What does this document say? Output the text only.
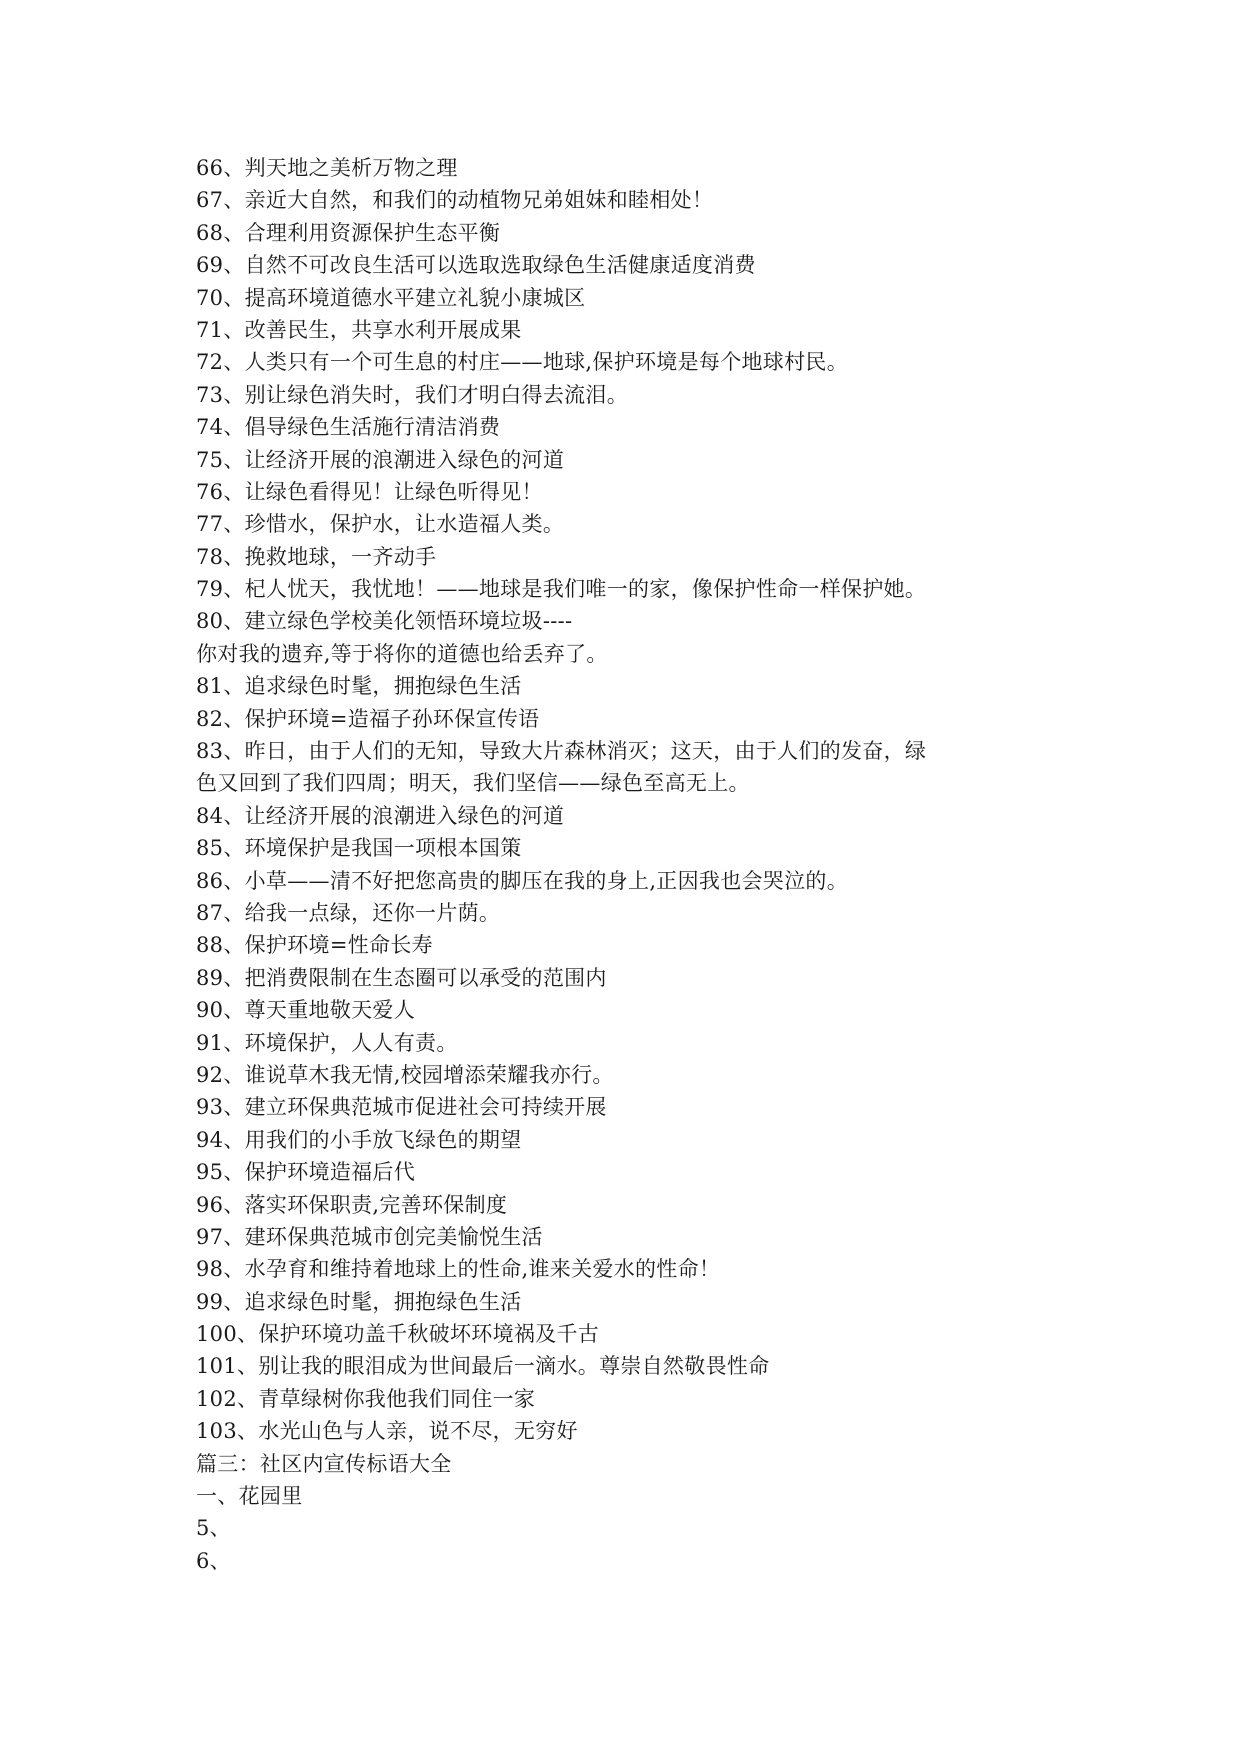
66、判天地之美析万物之理
67、亲近大自然，和我们的动植物兄弟姐妹和睦相处！
68、合理利用资源保护生态平衡
69、自然不可改良生活可以选取选取绿色生活健康适度消费
70、提高环境道德水平建立礼貌小康城区
71、改善民生，共享水利开展成果
72、人类只有一个可生息的村庄——地球,保护环境是每个地球村民。
73、别让绿色消失时，我们才明白得去流泪。
74、倡导绿色生活施行清洁消费
75、让经济开展的浪潮进入绿色的河道
76、让绿色看得见！让绿色听得见！
77、珍惜水，保护水，让水造福人类。
78、挽救地球，一齐动手
79、杞人忧天，我忧地！——地球是我们唯一的家，像保护性命一样保护她。
80、建立绿色学校美化领悟环境垃圾----
你对我的遗弃,等于将你的道德也给丢弃了。
81、追求绿色时髦，拥抱绿色生活
82、保护环境=造福子孙环保宣传语
83、昨日，由于人们的无知，导致大片森林消灭；这天，由于人们的发奋，绿
色又回到了我们四周；明天，我们坚信——绿色至高无上。
84、让经济开展的浪潮进入绿色的河道
85、环境保护是我国一项根本国策
86、小草——清不好把您高贵的脚压在我的身上,正因我也会哭泣的。
87、给我一点绿，还你一片荫。
88、保护环境=性命长寿
89、把消费限制在生态圈可以承受的范围内
90、尊天重地敬天爱人
91、环境保护，人人有责。
92、谁说草木我无情,校园增添荣耀我亦行。
93、建立环保典范城市促进社会可持续开展
94、用我们的小手放飞绿色的期望
95、保护环境造福后代
96、落实环保职责,完善环保制度
97、建环保典范城市创完美愉悦生活
98、水孕育和维持着地球上的性命,谁来关爱水的性命！
99、追求绿色时髦，拥抱绿色生活
100、保护环境功盖千秋破坏环境祸及千古
101、别让我的眼泪成为世间最后一滴水。尊崇自然敬畏性命
102、青草绿树你我他我们同住一家
103、水光山色与人亲，说不尽，无穷好
篇三：社区内宣传标语大全
一、花园里
5、
6、
